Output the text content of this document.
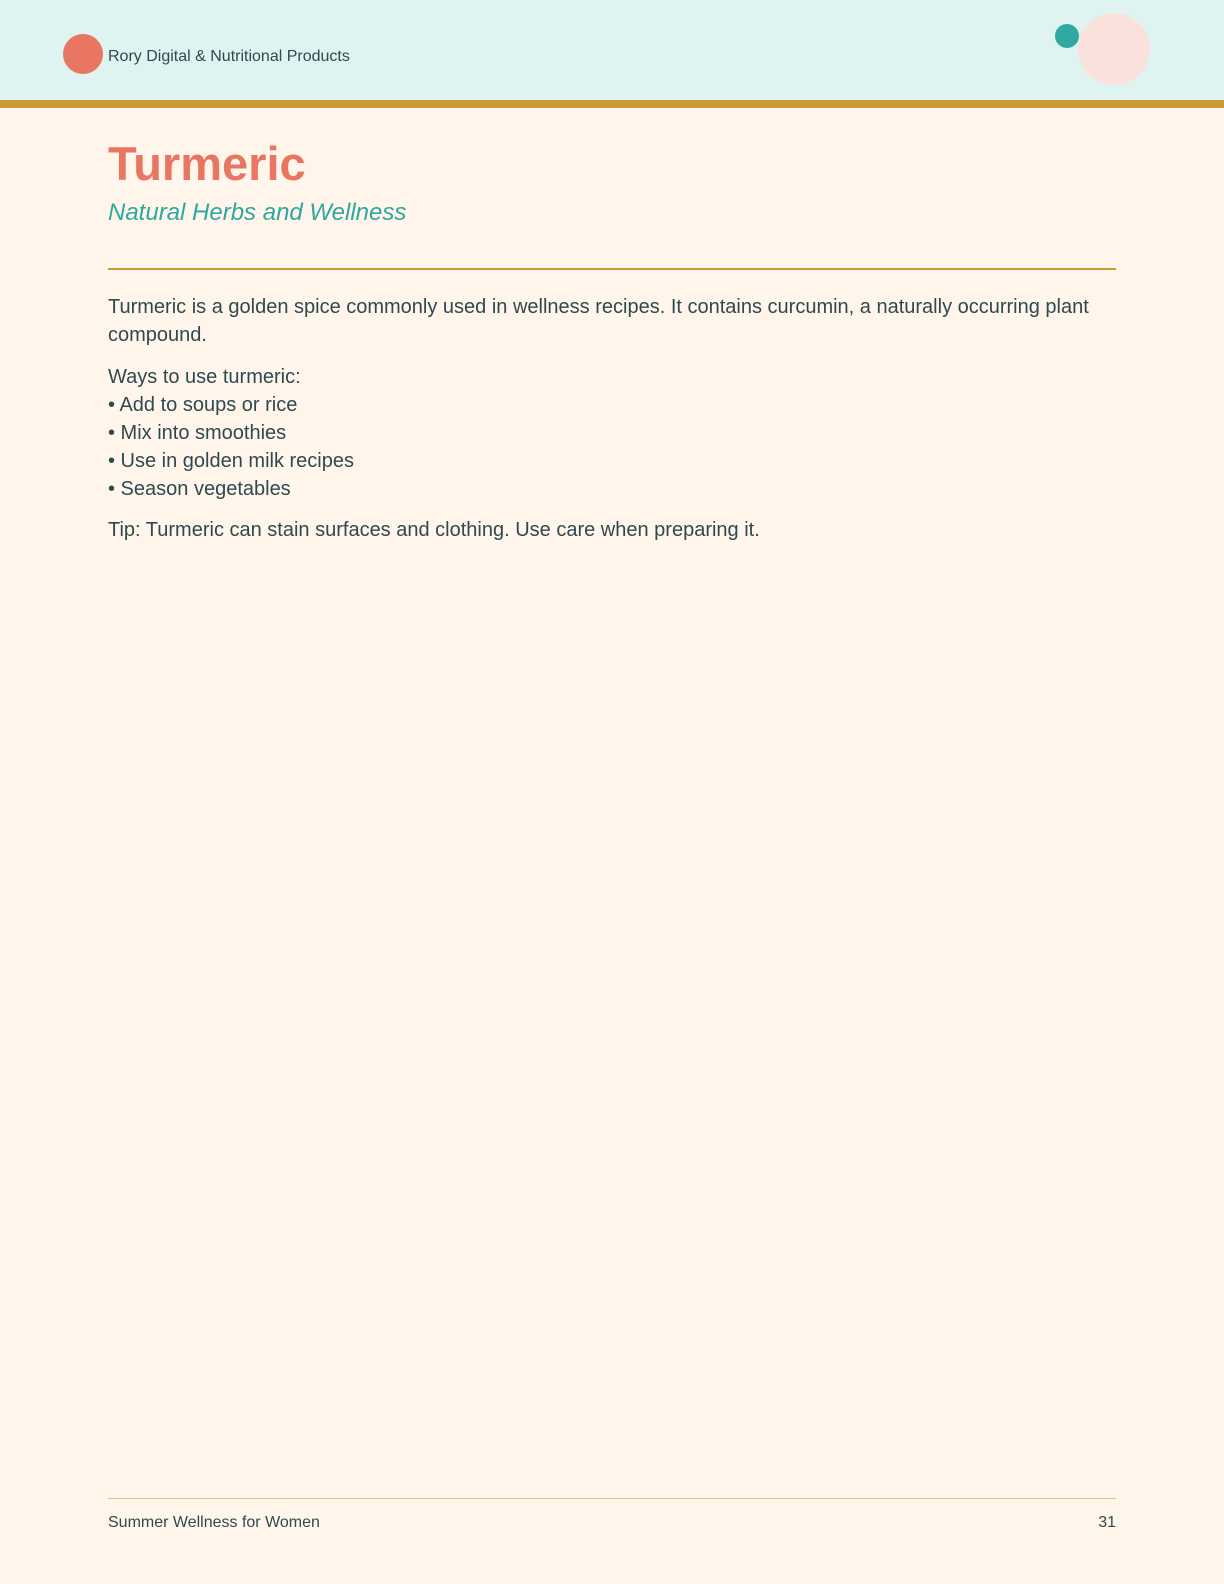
Rory Digital & Nutritional Products
Turmeric
Natural Herbs and Wellness

Turmeric is a golden spice commonly used in wellness recipes. It contains curcumin, a naturally occurring plant compound.

Ways to use turmeric:
• Add to soups or rice
• Mix into smoothies
• Use in golden milk recipes
• Season vegetables

Tip: Turmeric can stain surfaces and clothing. Use care when preparing it.

Summer Wellness for Women	31
